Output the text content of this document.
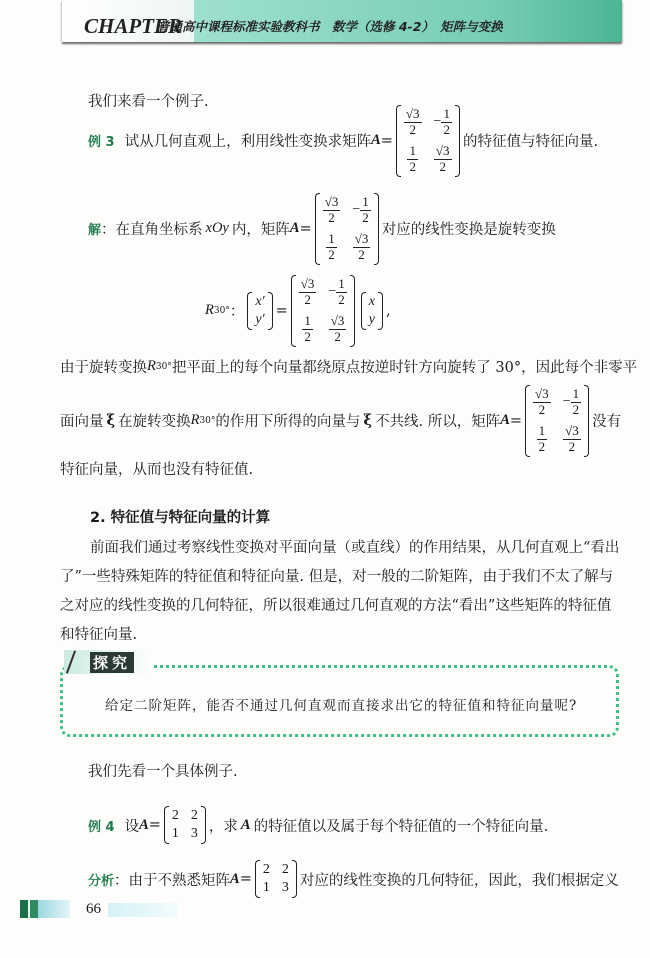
CHAPTER
普通高中课程标准实验教科书　数学（选修 4-2）　矩阵与变换
我们来看一个例子.
例 3 试从几何直观上，利用线性变换求矩阵 A =
$\frac{√3}{2} - \frac{1}{2}$
$\frac{1}{2} \frac{√3}{2}$
的特征值与特征向量.
解 ： 在直角坐标系 xOy 内，矩阵 A =
$\frac{√3}{2} - \frac{1}{2}$
$\frac{1}{2} \frac{√3}{2}$
对应的线性变换是旋转变换
R 30° ：
x′
y′
=
$\frac{√3}{2} - \frac{1}{2}$
$\frac{1}{2} \frac{√3}{2}$
x
y
,
由于旋转变换 R 30° 把平面上的每个向量都绕原点按逆时针方向旋转了 30°，因此每个非零平
面向量 ξ 在旋转变换 R 30° 的作用下所得的向量与 ξ 不共线. 所以，矩阵 A =
$\frac{√3}{2} - \frac{1}{2}$
$\frac{1}{2} \frac{√3}{2}$
没有
特征向量，从而也没有特征值.
2. 特征值与特征向量的计算
前面我们通过考察线性变换对平面向量（或直线）的作用结果，从几何直观上“看出
了”一些特殊矩阵的特征值和特征向量. 但是，对一般的二阶矩阵，由于我们不太了解与
之对应的线性变换的几何特征，所以很难通过几何直观的方法“看出”这些矩阵的特征值
和特征向量.
探究
给定二阶矩阵，能否不通过几何直观而直接求出它的特征值和特征向量呢?
我们先看一个具体例子.
例 4 设 A =
2 2
1 3 ，求 A 的特征值以及属于每个特征值的一个特征向量.
分析 ： 由于不熟悉矩阵 A =
2 2
1 3 对应的线性变换的几何特征，因此，我们根据定义
66
